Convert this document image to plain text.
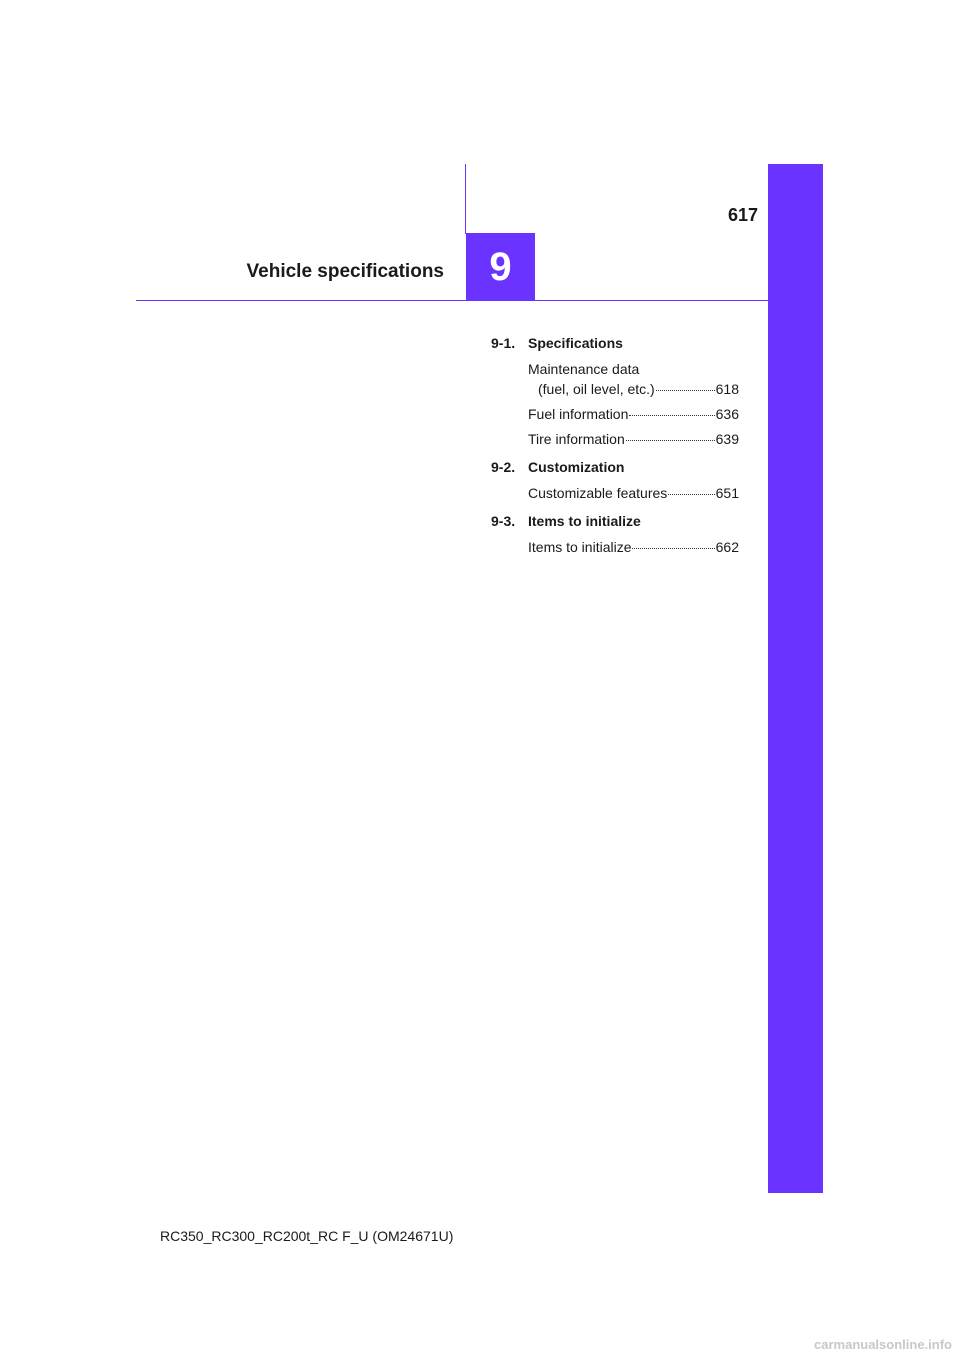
617
Vehicle specifications 9
9-1. Specifications
Maintenance data
(fuel, oil level, etc.)	618
Fuel information	636
Tire information	639
9-2. Customization
Customizable features	651
9-3. Items to initialize
Items to initialize	662
RC350_RC300_RC200t_RC F_U (OM24671U)
carmanualsonline.info
